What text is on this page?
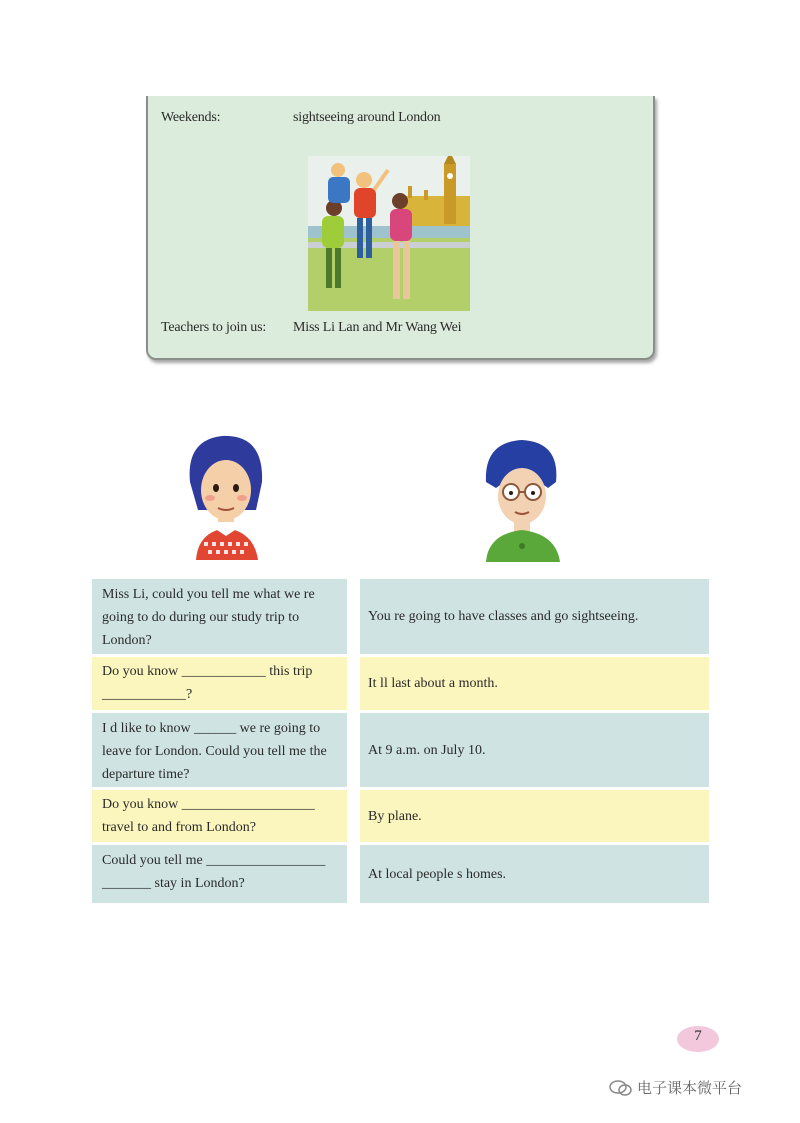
Weekends:	sightseeing around London
Teachers to join us: Miss Li Lan and Mr Wang Wei
Miss Li, could you tell me what we re going to do during our study trip to London?
You re going to have classes and go sightseeing.
Do you know ____________ this trip ____________?
It ll last about a month.
I d like to know ______ we re going to leave for London. Could you tell me the departure time?
At 9 a.m. on July 10.
Do you know ___________________ travel to and from London?
By plane.
Could you tell me _________________ _______ stay in London?
At local people s homes.
7
电子课本微平台
